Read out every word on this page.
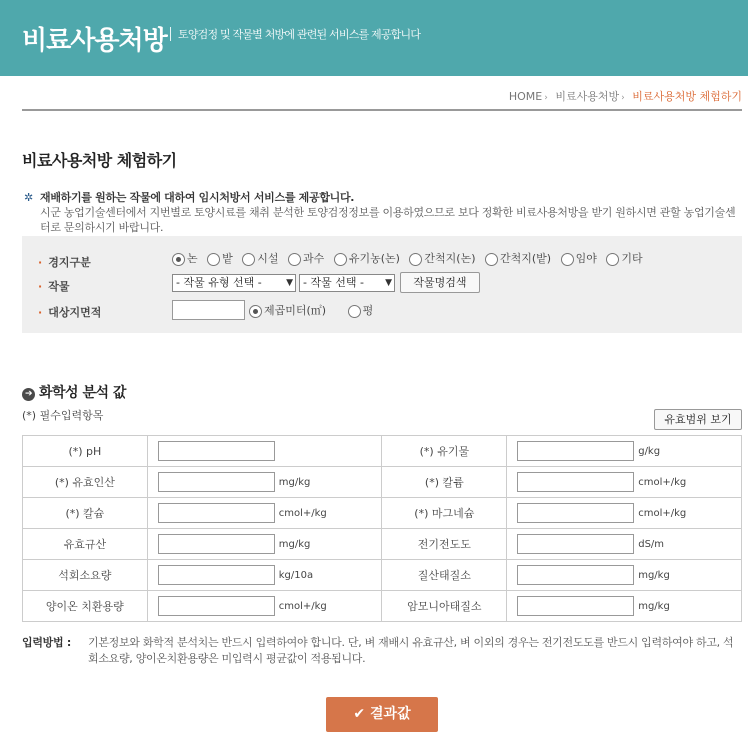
비료사용처방 토양검정 및 작물별 처방에 관련된 서비스를 제공합니다
HOME › 비료사용처방 › 비료사용처방 체험하기
비료사용처방 체험하기
✲ 재배하기를 원하는 작물에 대하여 임시처방서 서비스를 제공합니다.
시군 농업기술센터에서 지번별로 토양시료를 채취 분석한 토양검정정보를 이용하였으므로 보다 정확한 비료사용처방을 받기 원하시면 관할 농업기술센터로 문의하시기 바랍니다.
· 경지구분	논 밭 시설 과수 유기농(논) 간척지(논) 간척지(밭) 임야 기타
· 작물	- 작물 유형 선택 -	▼ - 작물 선택 - ▼	작물명검색
· 대상지면적	제곱미터(㎡)	평
➔ 화학성 분석 값
(*) 필수입력항목	유효범위 보기
(*) pH		(*) 유기물	g/kg
(*) 유효인산	mg/kg	(*) 칼륨	cmol+/kg
(*) 칼슘	cmol+/kg	(*) 마그네슘	cmol+/kg
유효규산	mg/kg	전기전도도	dS/m
석회소요량	kg/10a	질산태질소	mg/kg
양이온 치환용량	cmol+/kg	암모니아태질소	mg/kg
입력방법 :	기본정보와 화학적 분석치는 반드시 입력하여야 합니다. 단, 벼 재배시 유효규산, 벼 이외의 경우는 전기전도도를 반드시 입력하여야 하고, 석회소요량, 양이온치환용량은 미입력시 평균값이 적용됩니다.
✔ 결과값
